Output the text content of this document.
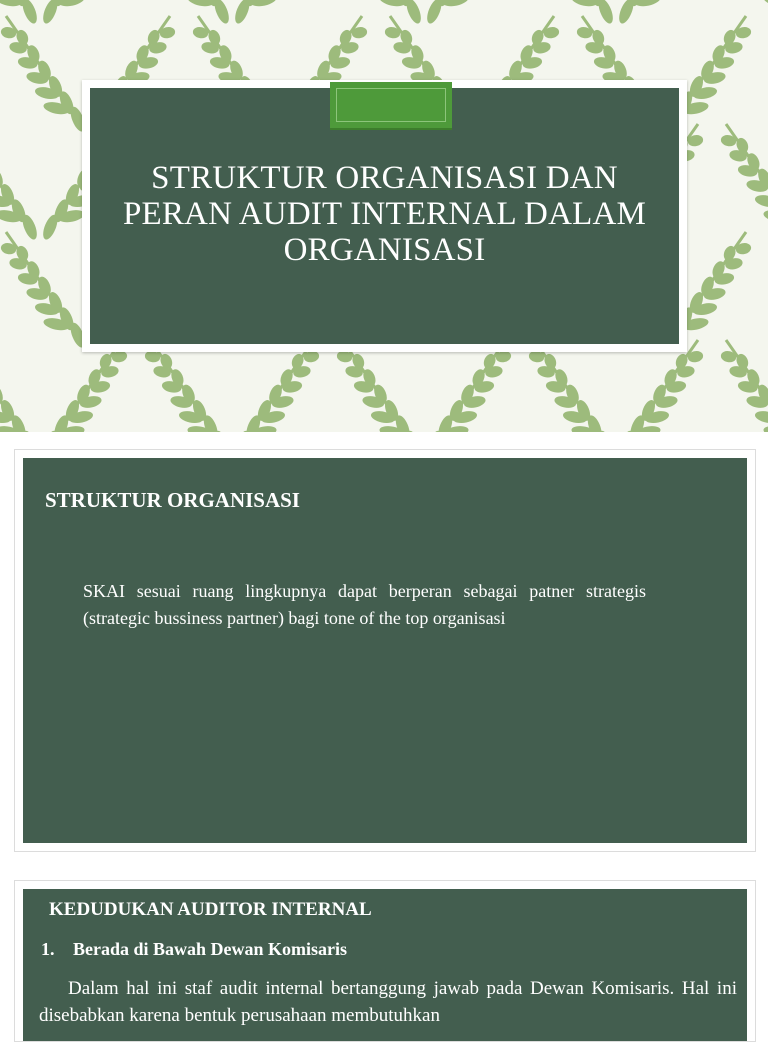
STRUKTUR ORGANISASI DAN
PERAN AUDIT INTERNAL DALAM
ORGANISASI
STRUKTUR ORGANISASI
SKAI sesuai ruang lingkupnya dapat berperan sebagai patner strategis (strategic bussiness partner) bagi tone of the top organisasi
KEDUDUKAN AUDITOR INTERNAL
1. Berada di Bawah Dewan Komisaris
Dalam hal ini staf audit internal bertanggung jawab pada Dewan Komisaris. Hal ini disebabkan karena bentuk perusahaan membutuhkan
